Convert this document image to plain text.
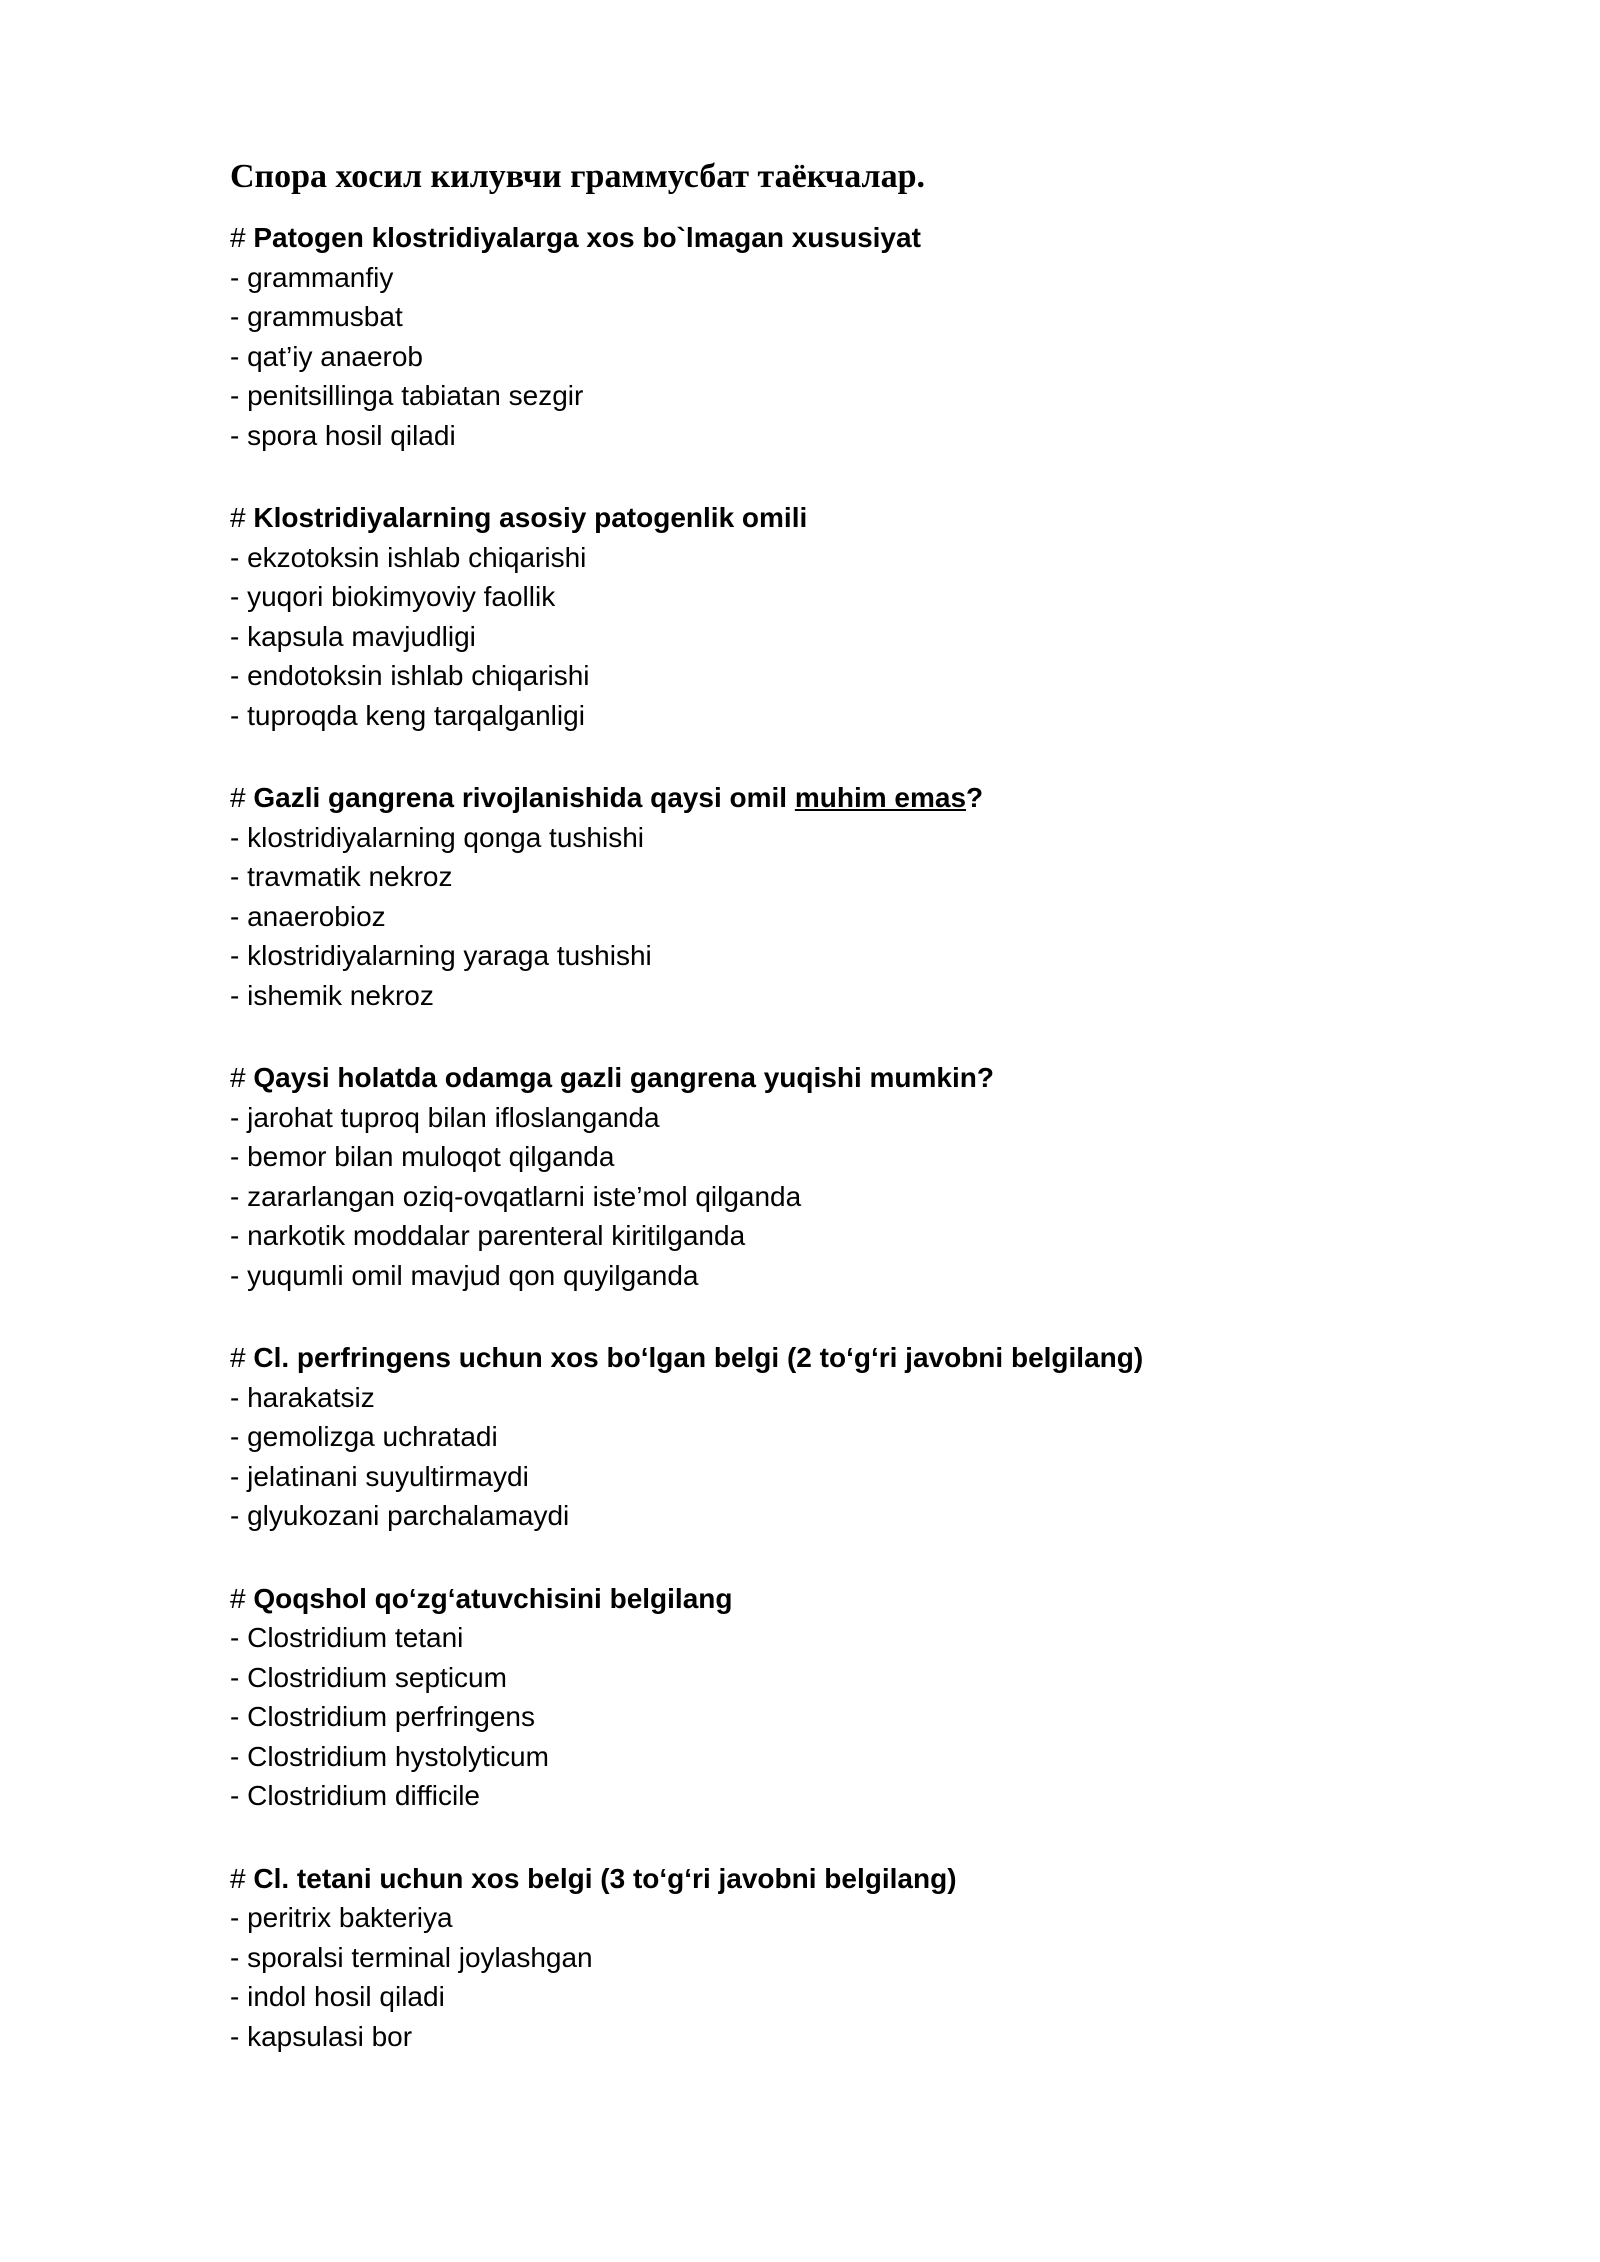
Спора хосил килувчи граммусбат таёкчалар.
# Patogen klostridiyalarga xos bo`lmagan xususiyat
- grammanfiy
- grammusbat
- qat’iy anaerob
- penitsillinga tabiatan sezgir
- spora hosil qiladi
# Klostridiyalarning asosiy patogenlik omili
- ekzotoksin ishlab chiqarishi
- yuqori biokimyoviy faollik
- kapsula mavjudligi
- endotoksin ishlab chiqarishi
- tuproqda keng tarqalganligi
# Gazli gangrena rivojlanishida qaysi omil muhim emas?
- klostridiyalarning qonga tushishi
- travmatik nekroz
- anaerobioz
- klostridiyalarning yaraga tushishi
- ishemik nekroz
# Qaysi holatda odamga gazli gangrena yuqishi mumkin?
- jarohat tuproq bilan ifloslanganda
- bemor bilan muloqot qilganda
- zararlangan oziq-ovqatlarni iste’mol qilganda
- narkotik moddalar parenteral kiritilganda
- yuqumli omil mavjud qon quyilganda
# Cl. perfringens uchun xos bo‘lgan belgi (2 to‘g‘ri javobni belgilang)
- harakatsiz
- gemolizga uchratadi
- jelatinani suyultirmaydi
- glyukozani parchalamaydi
# Qoqshol qo‘zg‘atuvchisini belgilang
- Clostridium tetani
- Clostridium septicum
- Clostridium perfringens
- Clostridium hystolyticum
- Clostridium difficile
# Cl. tetani uchun xos belgi (3 to‘g‘ri javobni belgilang)
- peritrix bakteriya
- sporalsi terminal joylashgan
- indol hosil qiladi
- kapsulasi bor
